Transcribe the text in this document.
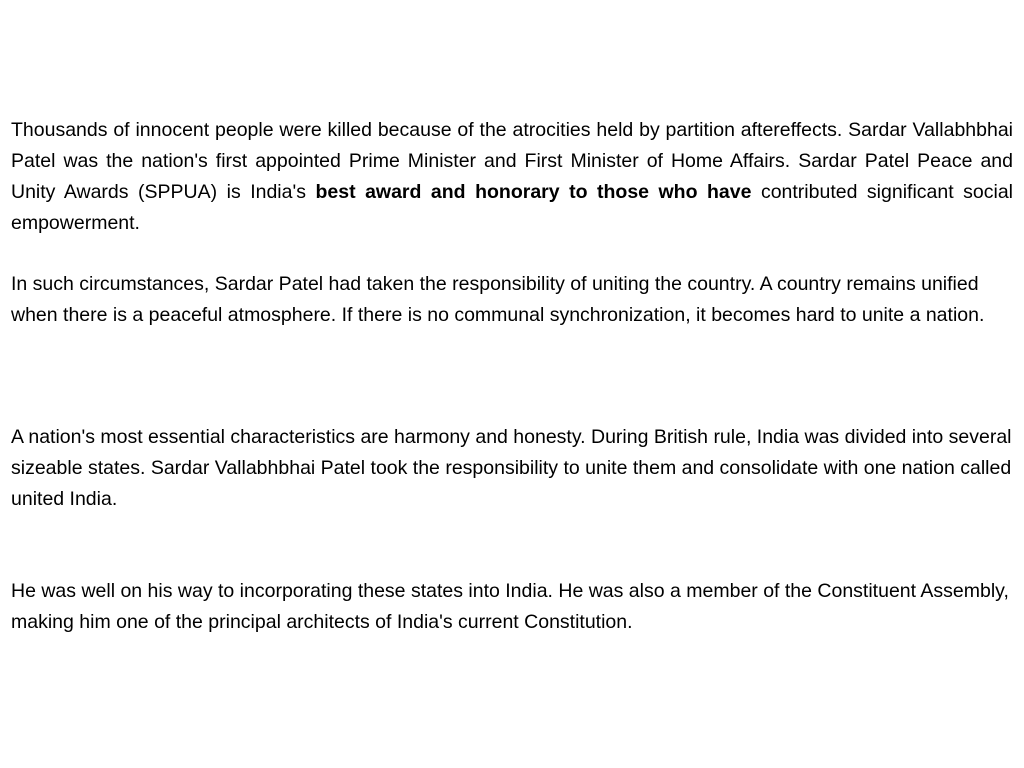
Thousands of innocent people were killed because of the atrocities held by partition aftereffects. Sardar Vallabhbhai Patel was the nation's first appointed Prime Minister and First Minister of Home Affairs. Sardar Patel Peace and Unity Awards (SPPUA) is India's best award and honorary to those who have contributed significant social empowerment.

In such circumstances, Sardar Patel had taken the responsibility of uniting the country. A country remains unified when there is a peaceful atmosphere. If there is no communal synchronization, it becomes hard to unite a nation.

A nation's most essential characteristics are harmony and honesty. During British rule, India was divided into several sizeable states. Sardar Vallabhbhai Patel took the responsibility to unite them and consolidate with one nation called united India.

He was well on his way to incorporating these states into India. He was also a member of the Constituent Assembly, making him one of the principal architects of India's current Constitution.
